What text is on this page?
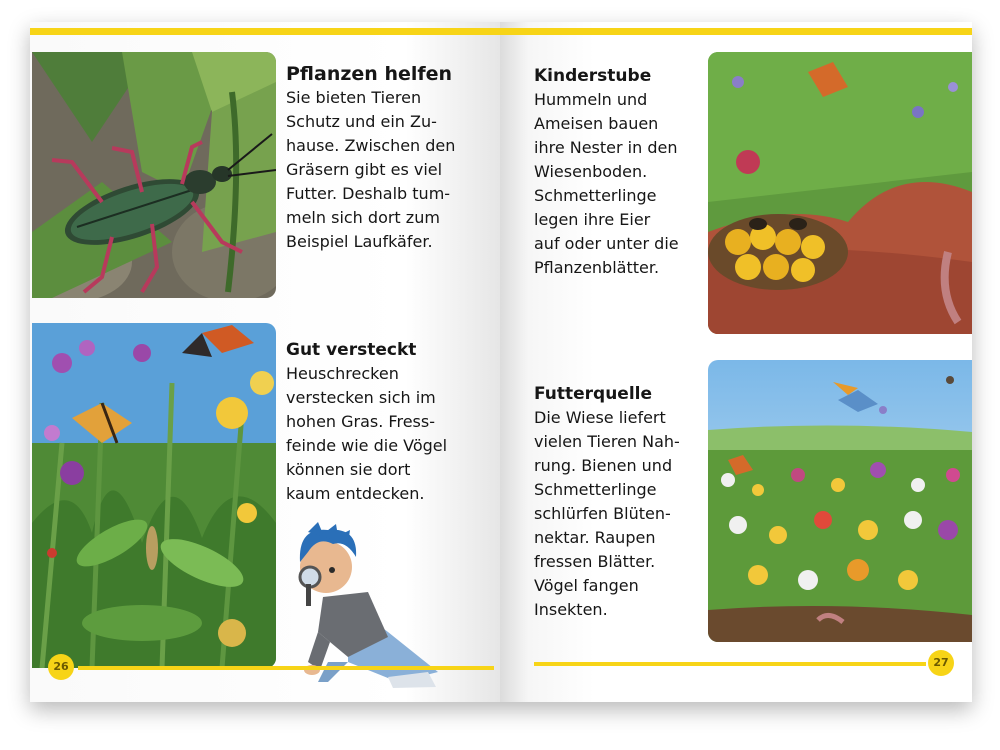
Pflanzen helfen

Sie bieten Tieren
Schutz und ein Zu-
hause. Zwischen den
Gräsern gibt es viel
Futter. Deshalb tum-
meln sich dort zum
Beispiel Laufkäfer.

Gut versteckt

Heuschrecken
verstecken sich im
hohen Gras. Fress-
feinde wie die Vögel
können sie dort
kaum entdecken.

26
Kinderstube

Hummeln und
Ameisen bauen
ihre Nester in den
Wiesenboden.
Schmetterlinge
legen ihre Eier
auf oder unter die
Pflanzenblätter.

Futterquelle

Die Wiese liefert
vielen Tieren Nah-
rung. Bienen und
Schmetterlinge
schlürfen Blüten-
nektar. Raupen
fressen Blätter.
Vögel fangen
Insekten.

27
